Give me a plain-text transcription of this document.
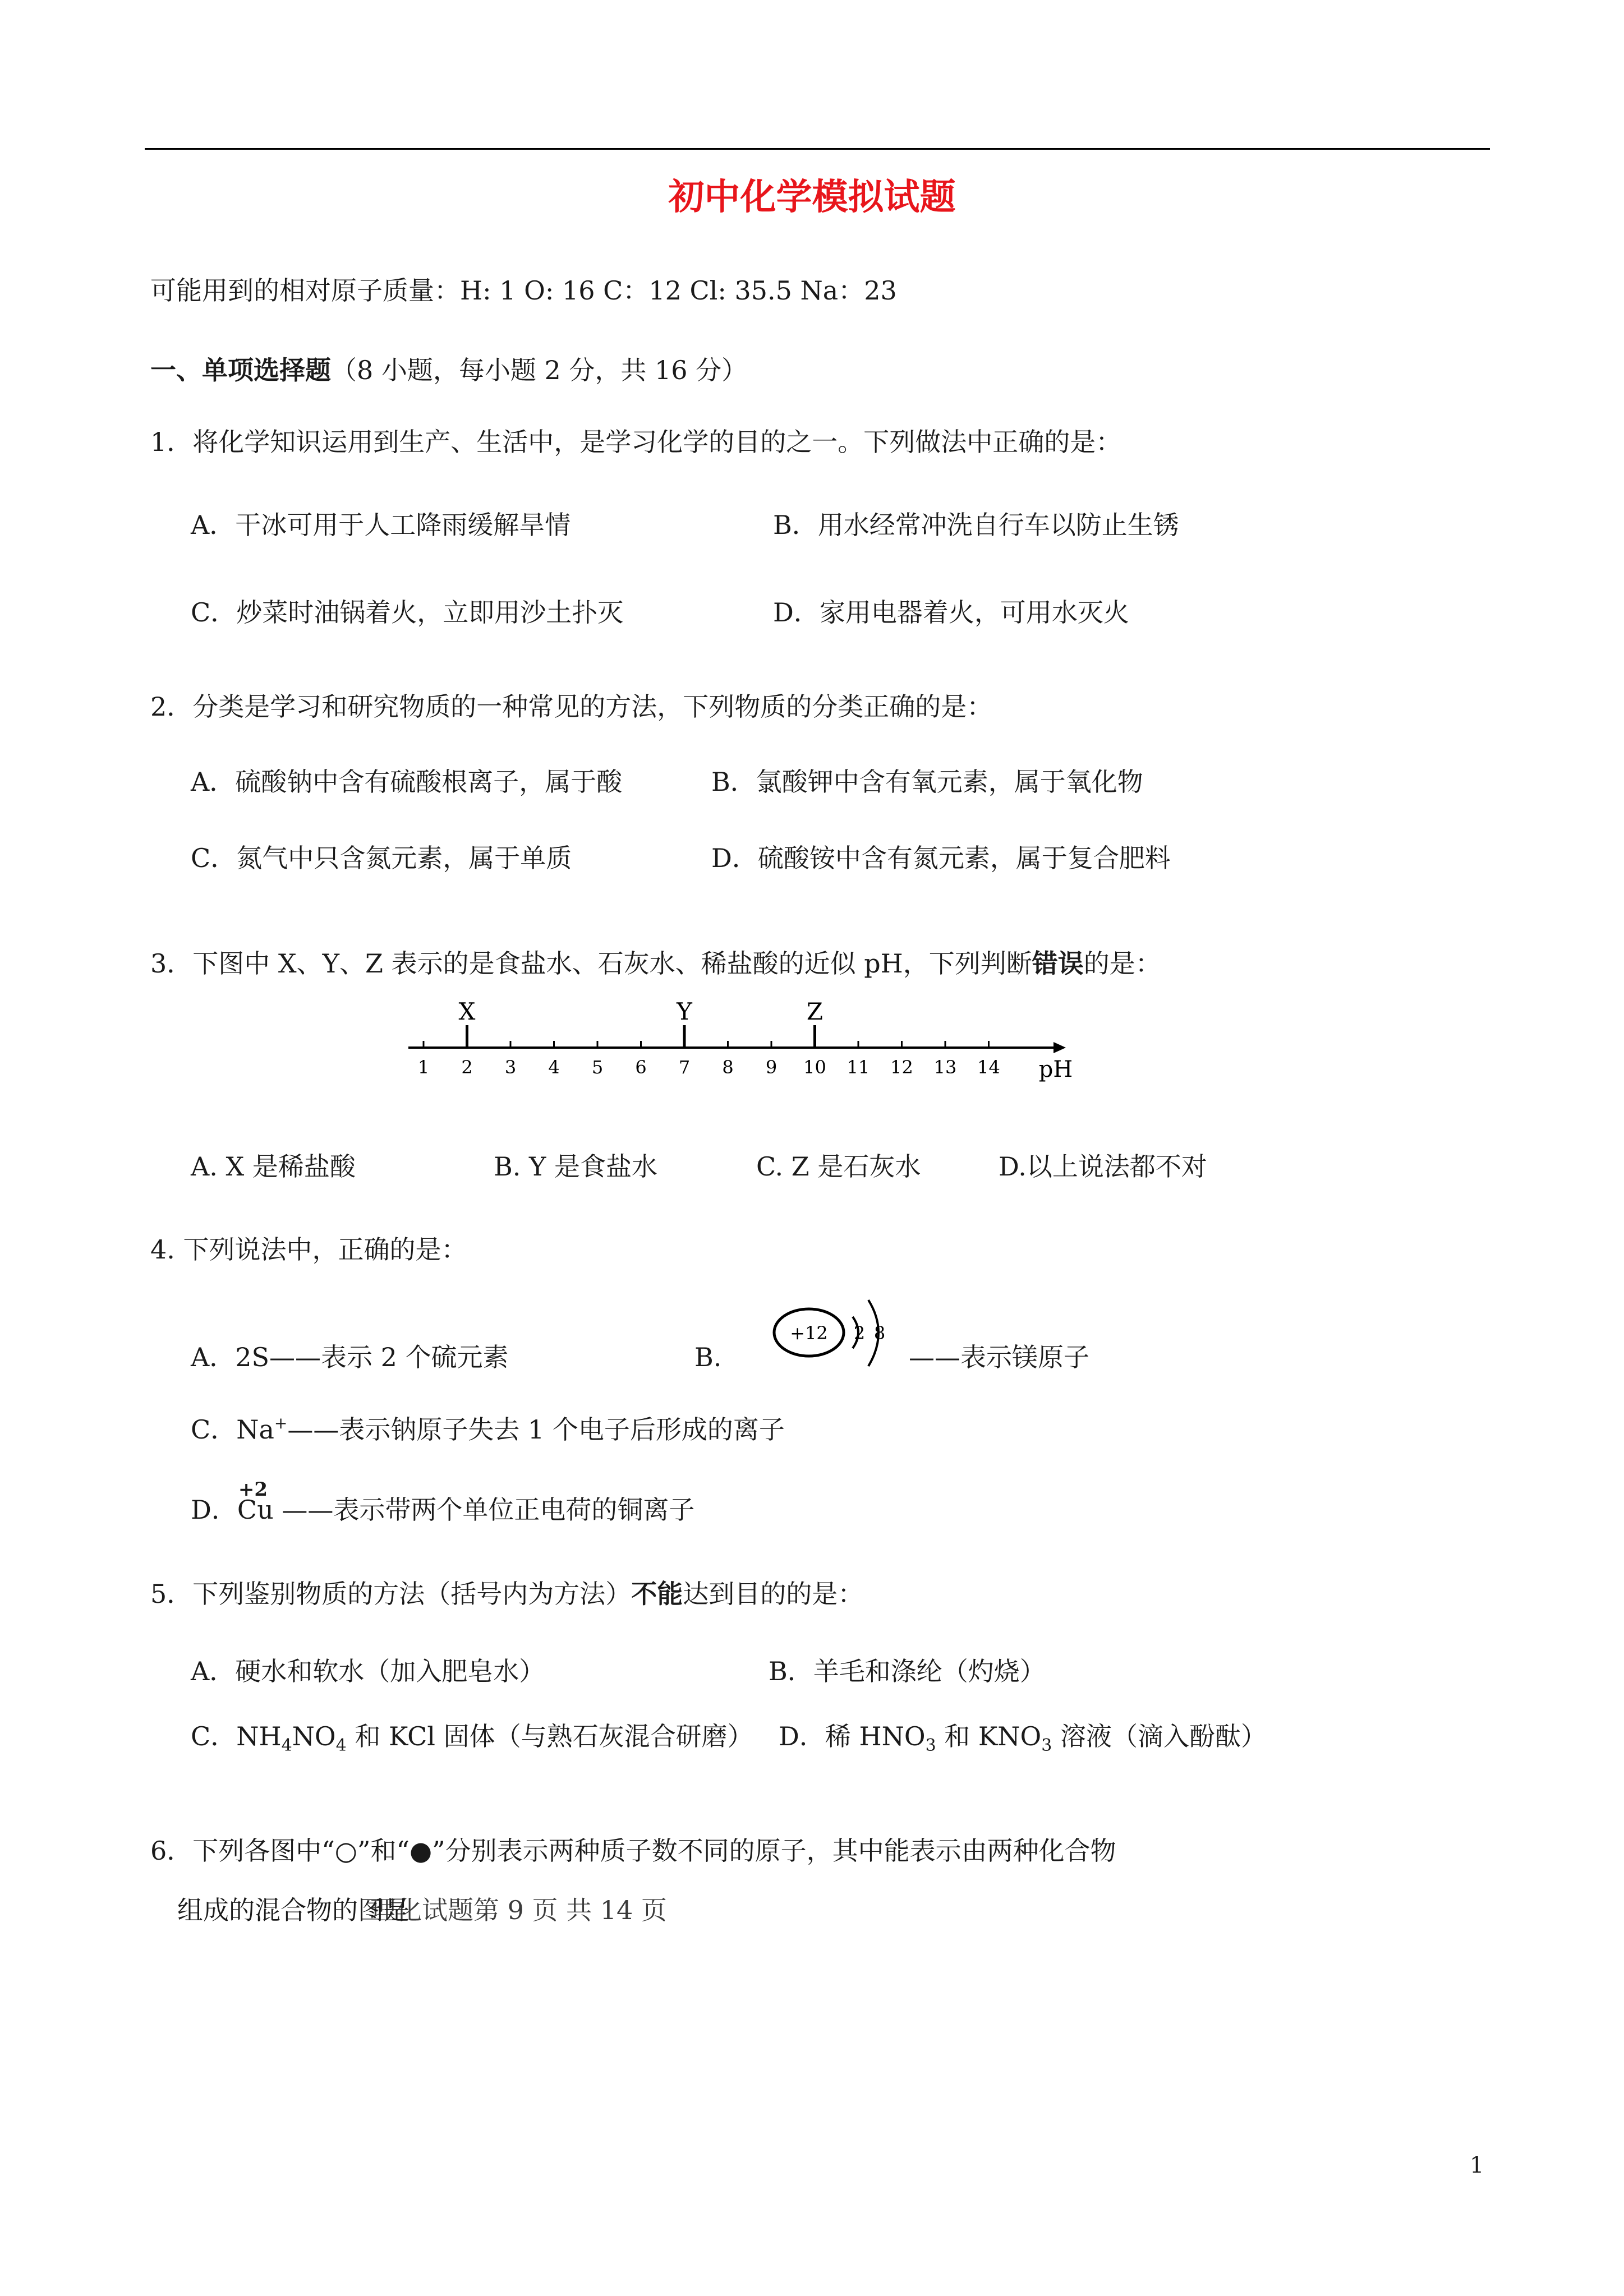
初中化学模拟试题
可能用到的相对原子质量：H: 1 O: 16 C：12 Cl: 35.5 Na：23
一、单项选择题（8 小题，每小题 2 分，共 16 分）
1．将化学知识运用到生产、生活中，是学习化学的目的之一。下列做法中正确的是：
A．干冰可用于人工降雨缓解旱情	B．用水经常冲洗自行车以防止生锈
C．炒菜时油锅着火，立即用沙土扑灭	D．家用电器着火，可用水灭火
2．分类是学习和研究物质的一种常见的方法，下列物质的分类正确的是：
A．硫酸钠中含有硫酸根离子，属于酸	B．氯酸钾中含有氧元素，属于氧化物
C．氮气中只含氮元素，属于单质	D．硫酸铵中含有氮元素，属于复合肥料
3．下图中 X、Y、Z 表示的是食盐水、石灰水、稀盐酸的近似 pH，下列判断错误的是：
1 2 3 4 5 6 7 8 9 10 11 12 13 14
X	Y	Z
pH
A. X 是稀盐酸	B. Y 是食盐水	C. Z 是石灰水	D.以上说法都不对
4. 下列说法中，正确的是：
A．2S——表示 2 个硫元素	B.
+12 2 8
——表示镁原子
C．Na+——表示钠原子失去 1 个电子后形成的离子
D．
+2
Cu ——表示带两个单位正电荷的铜离子
5．下列鉴别物质的方法（括号内为方法）不能达到目的的是：
A．硬水和软水（加入肥皂水）	B．羊毛和涤纶（灼烧）
C．$NH_4NO_4$ 和 KCl 固体（与熟石灰混合研磨） D．稀 $HNO_3$ 和 $KNO_3$ 溶液（滴入酚酞）
6．下列各图中“○”和“●”分别表示两种质子数不同的原子，其中能表示由两种化合物
组成的混合物的图是
理化试题第 9 页 共 14 页
1
